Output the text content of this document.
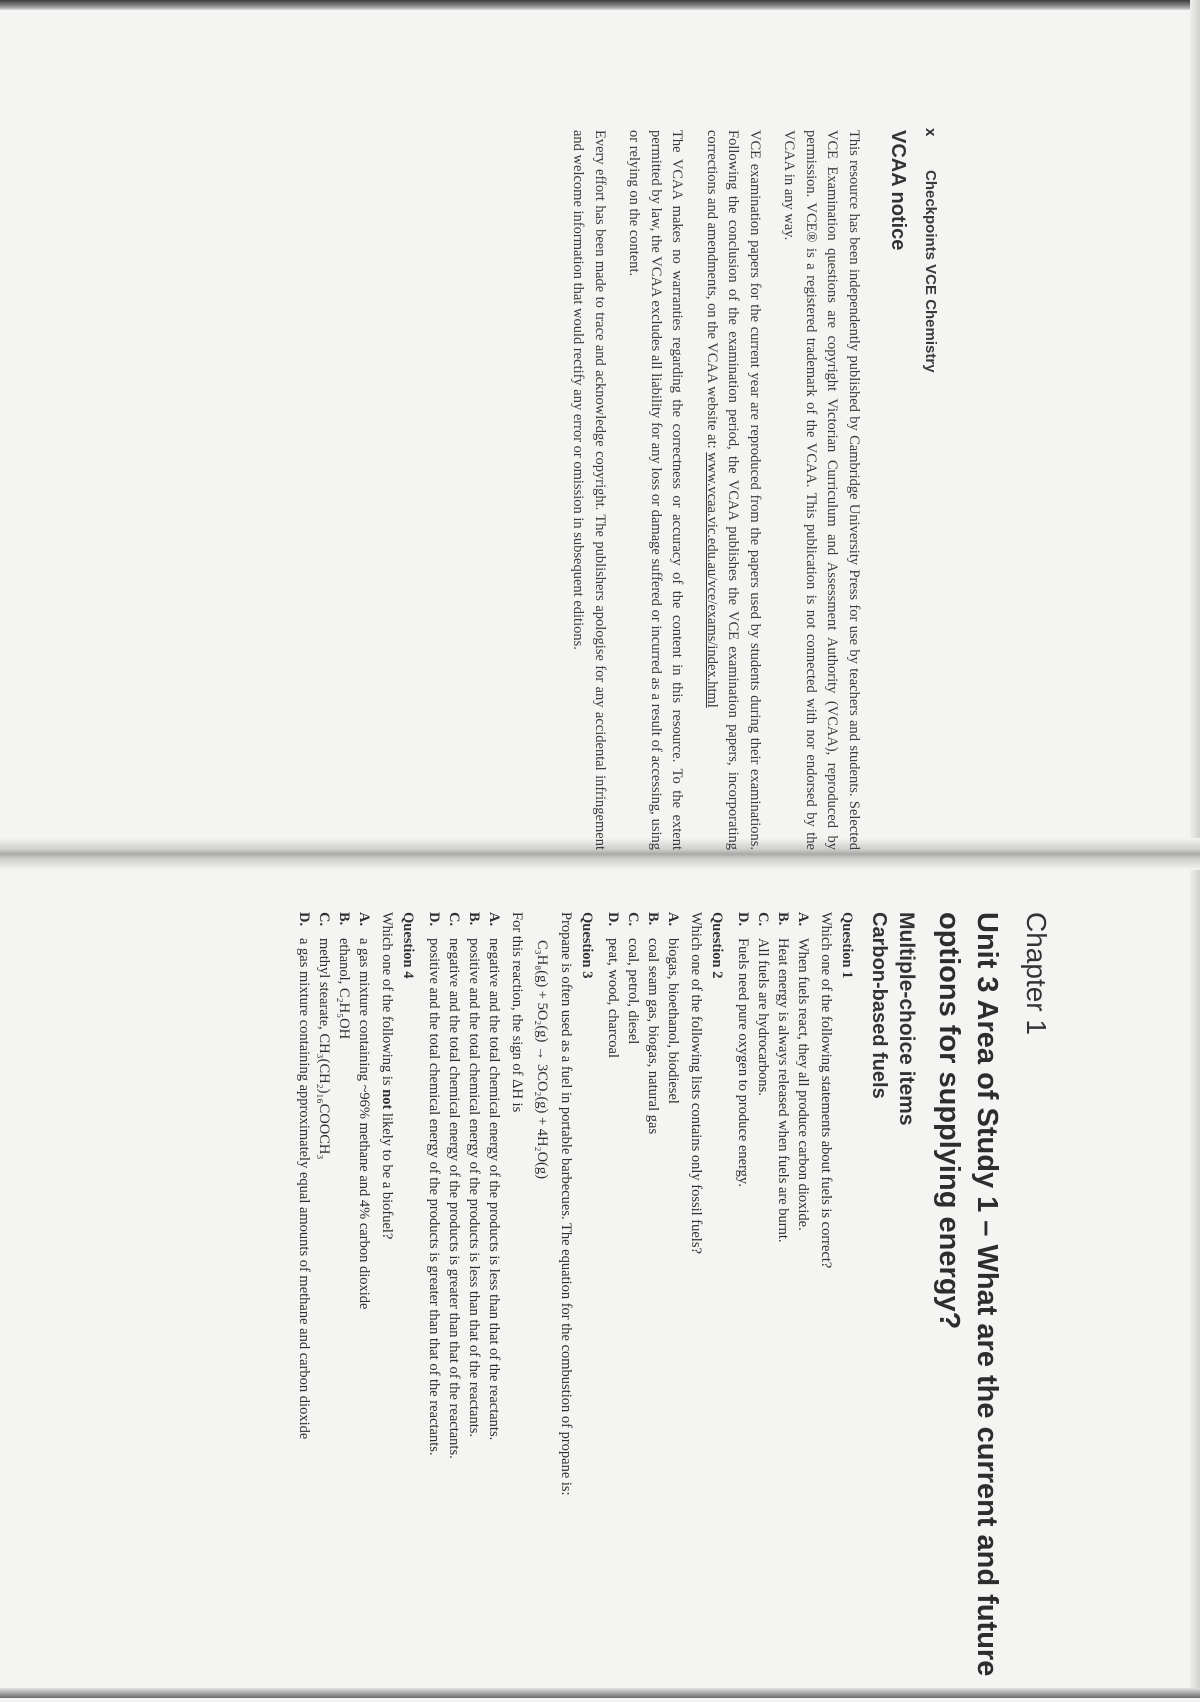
xCheckpoints VCE Chemistry
VCAA notice

This resource has been independently published by Cambridge University Press for use by teachers and students. Selected VCE Examination questions are copyright Victorian Curriculum and Assessment Authority (VCAA), reproduced by permission. VCE® is a registered trademark of the VCAA. This publication is not connected with nor endorsed by the VCAA in any way.

VCE examination papers for the current year are reproduced from the papers used by students during their examinations. Following the conclusion of the examination period, the VCAA publishes the VCE examination papers, incorporating corrections and amendments, on the VCAA website at: www.vcaa.vic.edu.au/vce/exams/index.html

The VCAA makes no warranties regarding the correctness or accuracy of the content in this resource. To the extent permitted by law, the VCAA excludes all liability for any loss or damage suffered or incurred as a result of accessing, using or relying on the content.

Every effort has been made to trace and acknowledge copyright. The publishers apologise for any accidental infringement and welcome information that would rectify any error or omission in subsequent editions.

Chapter 1
Unit 3 Area of Study 1 – What are the current and future options for supplying energy?
Multiple-choice items
Carbon-based fuels
Question 1
Which one of the following statements about fuels is correct?
A.
When fuels react, they all produce carbon dioxide.
B.
Heat energy is always released when fuels are burnt.
C.
All fuels are hydrocarbons.
D.
Fuels need pure oxygen to produce energy.
Question 2
Which one of the following lists contains only fossil fuels?
A.
biogas, bioethanol, biodiesel
B.
coal seam gas, biogas, natural gas
C.
coal, petrol, diesel
D.
peat, wood, charcoal
Question 3
Propane is often used as a fuel in portable barbecues. The equation for the combustion of propane is:
C₃H₈(g) + 5O₂(g) → 3CO₂(g) + 4H₂O(g)
For this reaction, the sign of ΔH is
A.
negative and the total chemical energy of the products is less than that of the reactants.
B.
positive and the total chemical energy of the products is less than that of the reactants.
C.
negative and the total chemical energy of the products is greater than that of the reactants.
D.
positive and the total chemical energy of the products is greater than that of the reactants.
Question 4
Which one of the following is not likely to be a biofuel?
A.
a gas mixture containing ~96% methane and 4% carbon dioxide
B.
ethanol, C₂H₅OH
C.
methyl stearate, CH₃(CH₂)₁₆COOCH₃
D.
a gas mixture containing approximately equal amounts of methane and carbon dioxide
